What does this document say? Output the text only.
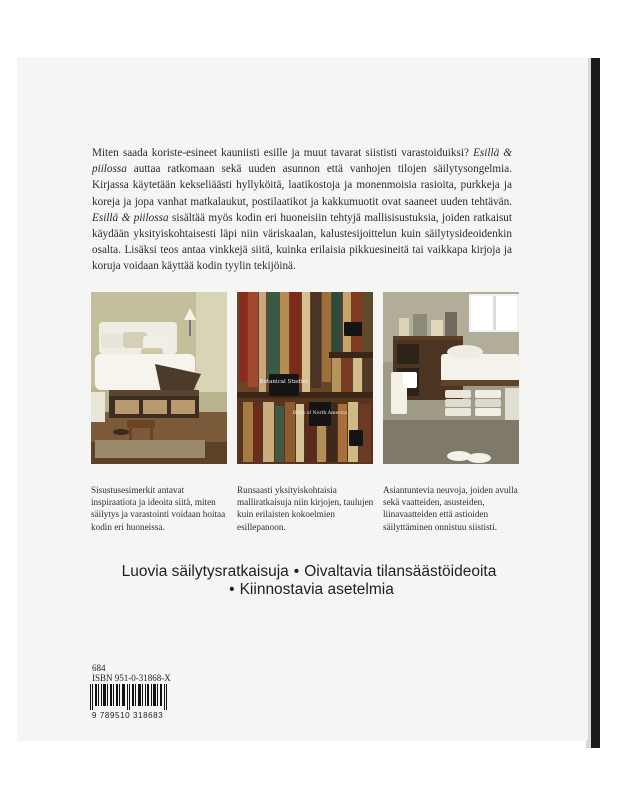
Miten saada koriste-esineet kauniisti esille ja muut tavarat siististi varastoiduiksi? Esillä & piilossa auttaa ratkomaan sekä uuden asunnon että vanhojen tilojen säilytysongelmia. Kirjassa käytetään kekseliäästi hyllyköitä, laatikostoja ja monenmoisia rasioita, purkkeja ja koreja ja jopa vanhat matkalaukut, postilaatikot ja kakkumuotit ovat saaneet uuden tehtävän. Esillä & piilossa sisältää myös kodin eri huoneisiin tehtyjä mallisisustuksia, joiden ratkaisut käydään yksityiskohtaisesti läpi niin väriskaalan, kalustesijoittelun kuin säilytysideoidenkin osalta. Lisäksi teos antaa vinkkejä siitä, kuinka erilaisia pikkuesineitä tai vaikkapa kirjoja ja koruja voidaan käyttää kodin tyylin tekijöinä.

Botanical Studies
Birds of North America

Sisustusesimerkit antavat inspiraatiota ja ideoita siitä, miten säilytys ja varastointi voidaan hoitaa kodin eri huoneissa.

Runsaasti yksityiskohtaisia malliratkaisuja niin kirjojen, taulujen kuin erilaisten kokoelmien esillepanoon.

Asiantuntevia neuvoja, joiden avulla sekä vaatteiden, asusteiden, liinavaatteiden että astioiden säilyttäminen onnistuu siististi.

Luovia säilytysratkaisuja • Oivaltavia tilansäästöideoita
• Kiinnostavia asetelmia
684
ISBN 951-0-31868-X
9 789510 318683
